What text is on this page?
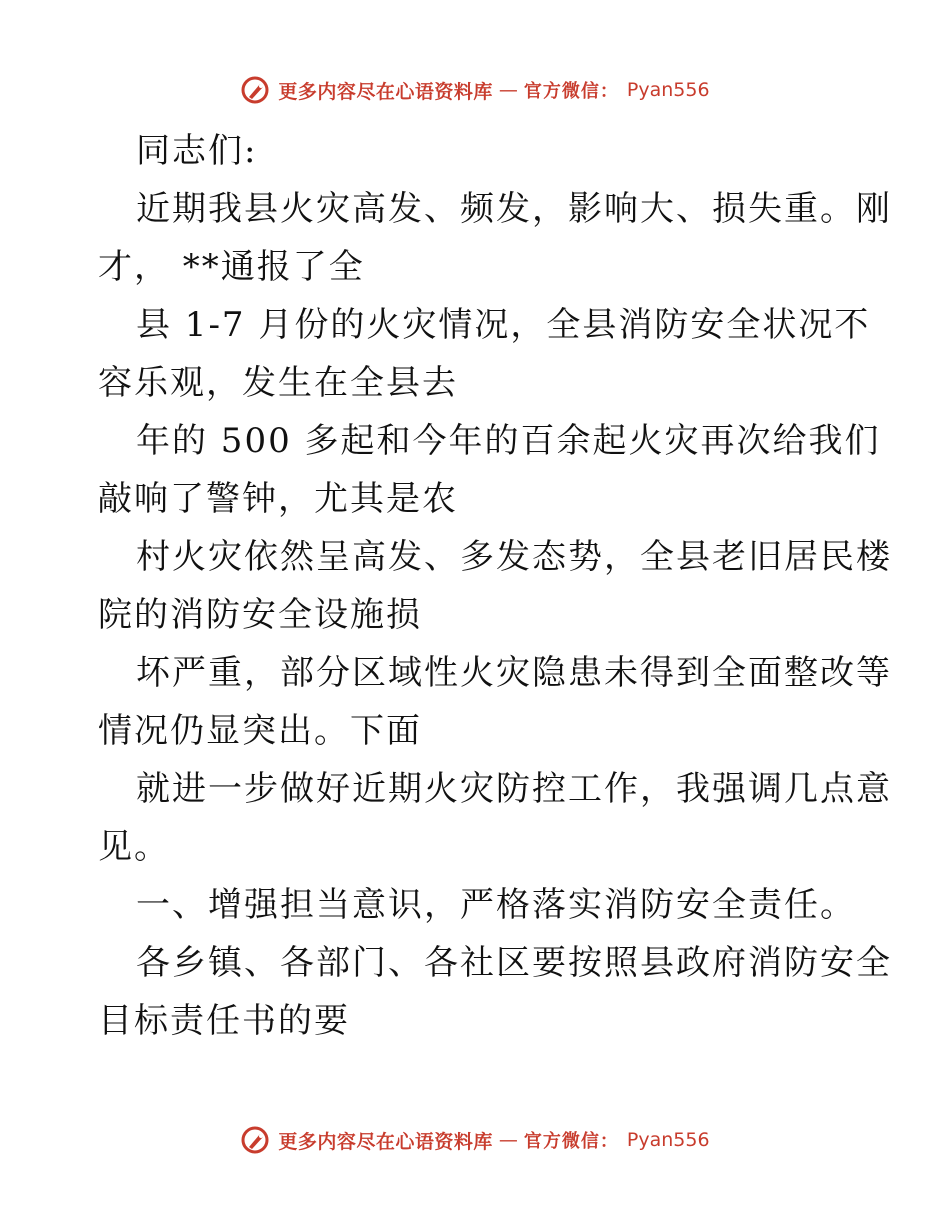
更多内容尽在心语资料库 — 官方微信： Pyan556
同志们:
近期我县火灾高发、频发，影响大、损失重。刚
才， **通报了全
县 1-7 月份的火灾情况，全县消防安全状况不
容乐观，发生在全县去
年的 500 多起和今年的百余起火灾再次给我们
敲响了警钟，尤其是农
村火灾依然呈高发、多发态势，全县老旧居民楼
院的消防安全设施损
坏严重，部分区域性火灾隐患未得到全面整改等
情况仍显突出。下面
就进一步做好近期火灾防控工作，我强调几点意
见。
一、增强担当意识，严格落实消防安全责任。
各乡镇、各部门、各社区要按照县政府消防安全
目标责任书的要
更多内容尽在心语资料库 — 官方微信： Pyan556
